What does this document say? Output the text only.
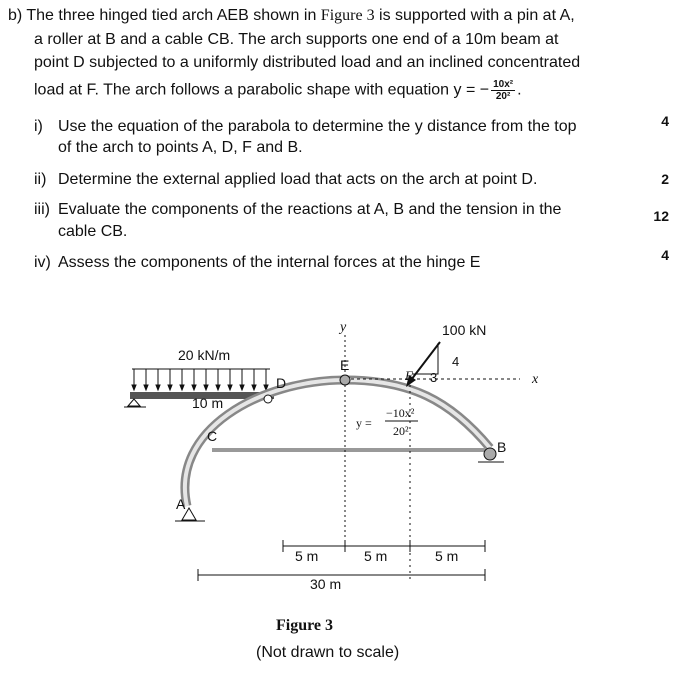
b) The three hinged tied arch AEB shown in Figure 3 is supported with a pin at A,
a roller at B and a cable CB. The arch supports one end of a 10m beam at
point D subjected to a uniformly distributed load and an inclined concentrated
load at F. The arch follows a parabolic shape with equation y = − $\frac{\text{10x²}}{\text{20²}}$ .
i) Use the equation of the parabola to determine the y distance from the top
of the arch to points A, D, F and B.
4
ii) Determine the external applied load that acts on the arch at point D.	2
iii) Evaluate the components of the reactions at A, B and the tension in the
cable CB.
12
iv) Assess the components of the internal forces at the hinge E	4
20 kN/m
10 m
100 kN
4
3
y
x
A
B
C
D
E
F
y =
−10x²
20²
5 m	5 m	5 m
30 m
Figure 3
(Not drawn to scale)
